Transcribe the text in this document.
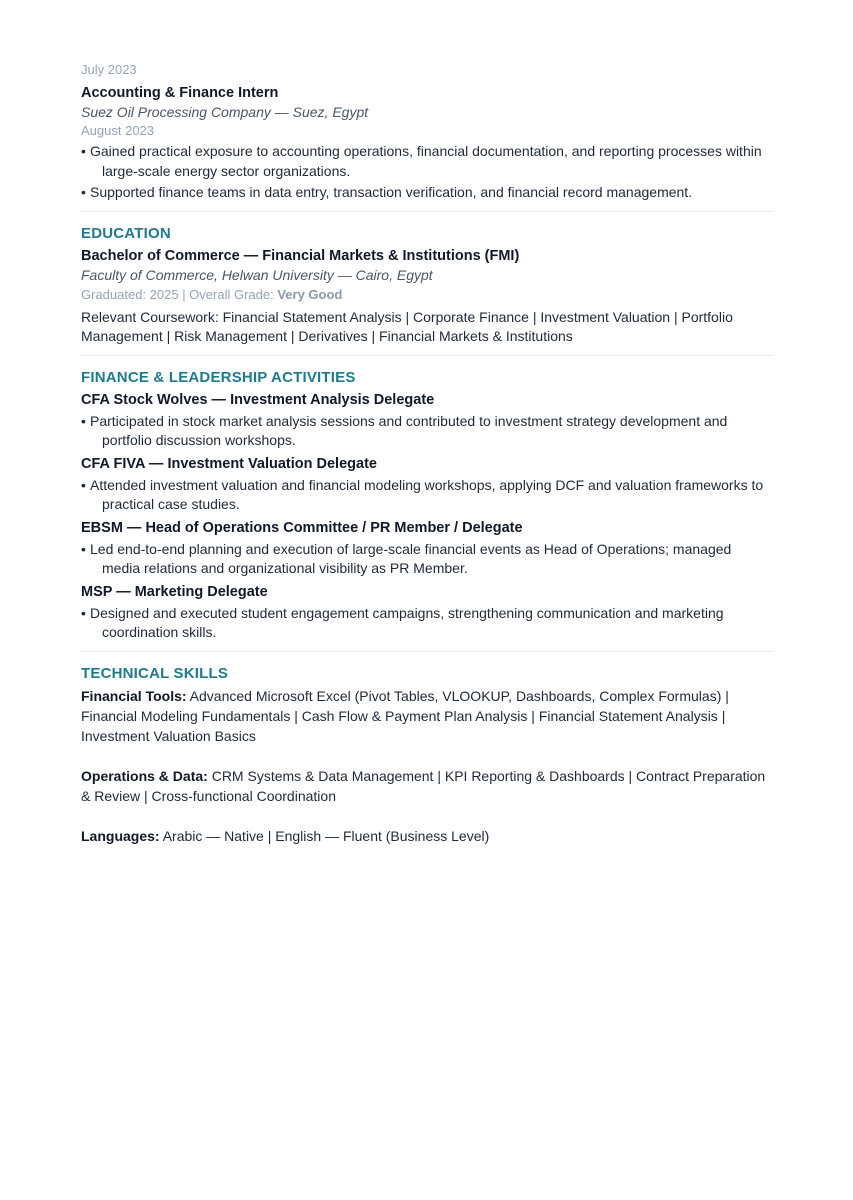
July 2023
Accounting & Finance Intern
Suez Oil Processing Company — Suez, Egypt
August 2023
• Gained practical exposure to accounting operations, financial documentation, and reporting processes within large-scale energy sector organizations.
• Supported finance teams in data entry, transaction verification, and financial record management.
EDUCATION
Bachelor of Commerce — Financial Markets & Institutions (FMI)
Faculty of Commerce, Helwan University — Cairo, Egypt
Graduated: 2025 | Overall Grade: Very Good
Relevant Coursework: Financial Statement Analysis | Corporate Finance | Investment Valuation | Portfolio Management | Risk Management | Derivatives | Financial Markets & Institutions
FINANCE & LEADERSHIP ACTIVITIES
CFA Stock Wolves — Investment Analysis Delegate
• Participated in stock market analysis sessions and contributed to investment strategy development and portfolio discussion workshops.
CFA FIVA — Investment Valuation Delegate
• Attended investment valuation and financial modeling workshops, applying DCF and valuation frameworks to practical case studies.
EBSM — Head of Operations Committee / PR Member / Delegate
• Led end-to-end planning and execution of large-scale financial events as Head of Operations; managed media relations and organizational visibility as PR Member.
MSP — Marketing Delegate
• Designed and executed student engagement campaigns, strengthening communication and marketing coordination skills.
TECHNICAL SKILLS
Financial Tools: Advanced Microsoft Excel (Pivot Tables, VLOOKUP, Dashboards, Complex Formulas) | Financial Modeling Fundamentals | Cash Flow & Payment Plan Analysis | Financial Statement Analysis | Investment Valuation Basics
Operations & Data: CRM Systems & Data Management | KPI Reporting & Dashboards | Contract Preparation & Review | Cross-functional Coordination
Languages: Arabic — Native | English — Fluent (Business Level)
